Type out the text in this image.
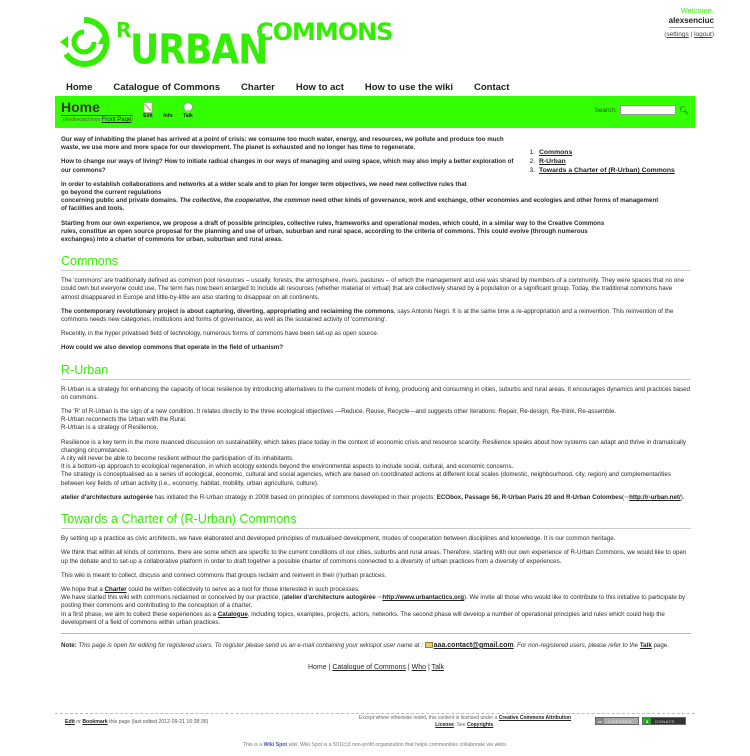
R URBAN
COMMONS
Welcome,
alexsenciuc
(settings | logout)
Home Catalogue of Commons Charter How to act How to use the wiki Contact
Home
(Redirected from Front Page)
Edit Info Talk
Search:	🔍︎
1. Commons
2. R-Urban
3. Towards a Charter of (R-Urban) Commons

Our way of inhabiting the planet has arrived at a point of crisis: we consume too much water, energy, and resources, we pollute and produce too much waste, we use more and more space for our development. The planet is exhausted and no longer has time to regenerate.

How to change our ways of living? How to initiate radical changes in our ways of managing and using space, which may also imply a better exploration of our commons?

In order to establish collaborations and networks at a wider scale and to plan for longer term objectives, we need new collective rules that
go beyond the current regulations
concerning public and private domains. The collective, the cooperative, the common need other kinds of governance, work and exchange, other economies and ecologies and other forms of management of facilities and tools.

Starting from our own experience, we propose a draft of possible principles, collective rules, frameworks and operational modes, which could, in a similar way to the Creative Commons rules, constitue an open source proposal for the planning and use of urban, suburban and rural space, according to the criteria of commons. This could evolve (through numerous exchanges) into a charter of commons for urban, suburban and rural areas.

Commons

The 'commons' are traditionally defined as common pool resources – usually, forests, the atmosphere, rivers, pastures – of which the management and use was shared by members of a community. They were spaces that no one could own but everyone could use. The term has now been enlarged to include all resources (whether material or virtual) that are collectively shared by a population or a significant group. Today, the traditional commons have almost disappeared in Europe and little-by-little are also starting to disappear on all continents.

The contemporary revolutionary project is about capturing, diverting, appropriating and reclaiming the commons, says Antonio Negri. It is at the same time a re-appropriation and a reinvention. This reinvention of the commons needs new categories, institutions and forms of governance, as well as the sustained activity of 'commoning'.

Recently, in the hyper privatised field of technology, numerous forms of commons have been set-up as open source.

How could we also develop commons that operate in the field of urbanism?

R-Urban

R-Urban is a strategy for enhancing the capacity of local resilience by introducing alternatives to the current models of living, producing and consuming in cities, suburbs and rural areas. It encourages dynamics and practices based on commons.

The 'R' of R-Urban is the sign of a new condition. It relates directly to the three ecological objectives —Reduce, Reuse, Recycle—and suggests other iterations: Repair, Re-design, Re-think, Re-assemble.
R-Urban reconnects the Urban with the Rural.
R-Urban is a strategy of Resilience.

Resilience is a key term in the more nuanced discussion on sustainability, which takes place today in the context of economic crisis and resource scarcity. Resilience speaks about how systems can adapt and thrive in dramatically changing circumstances.
A city will never be able to become resilient without the participation of its inhabitants.
It is a bottom-up approach to ecological regeneration, in which ecology extends beyond the environmental aspects to include social, cultural, and economic concerns.
The strategy is conceptualised as a series of ecological, economic, cultural and social agencies, which are based on coordinated actions at different local scales (domestic, neighbourhood, city, region) and complementarities between key fields of urban activity (i.e., economy, habitat, mobility, urban agriculture, culture).

atelier d'architecture autogérée has initiated the R-Urban strategy in 2008 based on principles of commons developed in their projects: ECObox, Passage 56, R-Urban Paris 20 and R-Urban Colombes(⇨http://r-urban.net/).

Towards a Charter of (R-Urban) Commons

By setting up a practice as civic architects, we have elaborated and developed principles of mutualised development, modes of cooperation between disciplines and knowledge. It is our common heritage.

We think that within all kinds of commons, there are some which are specific to the current conditions of our cities, suburbs and rural areas. Therefore, starting with our own experience of R-Urban Commons, we would like to open up the debate and to set-up a collaborative platform in order to draft together a possible charter of commons connected to a diversity of urban practices from a diversity of experiences.

This wiki is meant to collect, discuss and connect commons that groups reclaim and reinvent in their (r)urban practices.

We hope that a Charter could be written collectively to serve as a tool for those interested in such processes.
We have started this wiki with commons reclaimed or conceived by our practice, (atelier d'architecture autogérée ⇨http://www.urbantactics.org). We invite all those who would like to contribute to this initiative to participate by posting their commons and contributing to the conception of a charter.
In a first phase, we aim to collect these experiences as a Catalogue, including topics, examples, projects, actors, networks. The second phase will develop a number of operational principles and rules which could help the development of a field of commons within urban practices.

Note: This page is open for editing for registered users. To register please send us an e-mail containing your wikispot user name at : aaa.contact@gmail.com. For non-registered users, please refer to the Talk page.

Home | Catalogue of Commons | Who | Talk
Edit or Bookmark this page (last edited 2012-09-21 16:38:36)
Except where otherwise noted, this content is licensed under a Creative Commons Attribution License. See Copyrights.
cc	LICENSED	$	DONATE
This is a Wiki Spot wiki. Wiki Spot is a 501(c)3 non-profit organization that helps communities collaborate via wikis.
